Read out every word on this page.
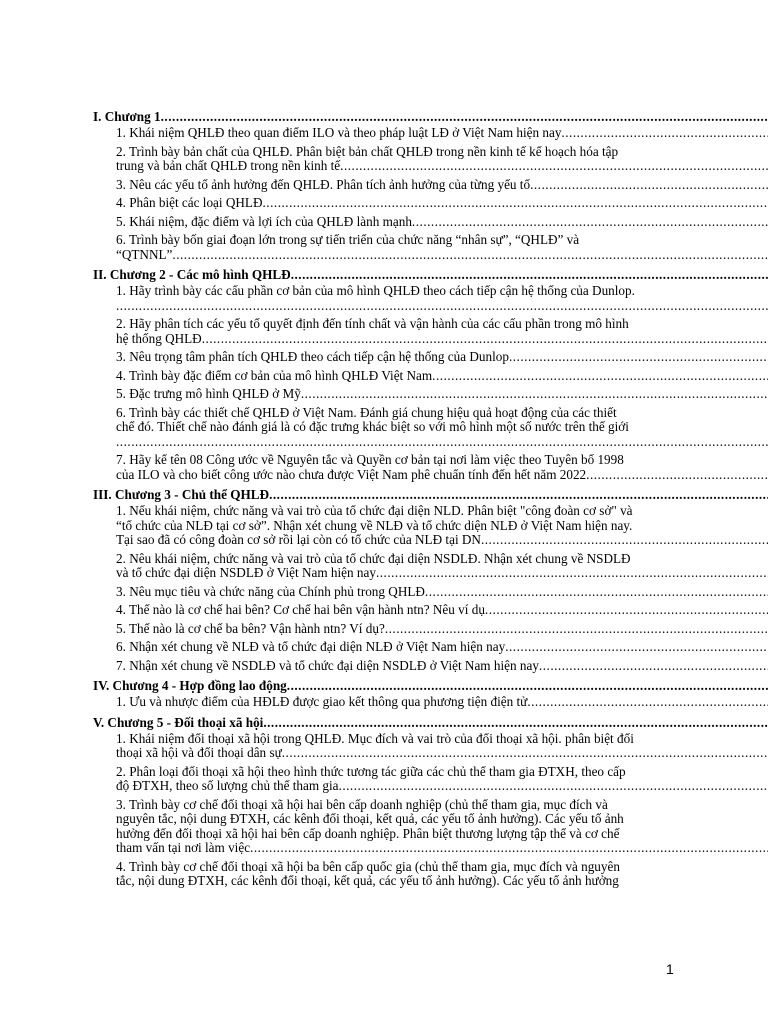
I. Chương 1
.....
1. Khái niệm QHLĐ theo quan điểm ILO và theo pháp luật LĐ ở Việt Nam hiện nay
.....
2. Trình bày bản chất của QHLĐ. Phân biệt bản chất QHLĐ trong nền kinh tế kế hoạch hóa tập
trung và bản chất QHLĐ trong nền kinh tế
.....
3. Nêu các yếu tố ảnh hưởng đến QHLĐ. Phân tích ảnh hưởng của từng yếu tố
.....
4. Phân biệt các loại QHLĐ
.....
5. Khái niệm, đặc điểm và lợi ích của QHLĐ lành mạnh
.....
6. Trình bày bốn giai đoạn lớn trong sự tiến triển của chức năng “nhân sự”, “QHLĐ” và
“QTNNL”
.....
II. Chương 2 - Các mô hình QHLĐ
.....
1. Hãy trình bày các cấu phần cơ bản của mô hình QHLĐ theo cách tiếp cận hệ thống của Dunlop.
.....
2. Hãy phân tích các yếu tố quyết định đến tính chất và vận hành của các cấu phần trong mô hình
hệ thống QHLĐ
.....
3. Nêu trọng tâm phân tích QHLĐ theo cách tiếp cận hệ thống của Dunlop
.....
4. Trình bày đặc điểm cơ bản của mô hình QHLĐ Việt Nam
.....
5. Đặc trưng mô hình QHLĐ ở Mỹ
.....
6. Trình bày các thiết chế QHLĐ ở Việt Nam. Đánh giá chung hiệu quả hoạt động của các thiết
chế đó. Thiết chế nào đánh giá là có đặc trưng khác biệt so với mô hình một số nước trên thế giới
.....
7. Hãy kể tên 08 Công ước về Nguyên tắc và Quyền cơ bản tại nơi làm việc theo Tuyên bố 1998
của ILO và cho biết công ước nào chưa được Việt Nam phê chuẩn tính đến hết năm 2022
.....
III. Chương 3 - Chủ thể QHLĐ
.....
1. Nếu khái niệm, chức năng và vai trò của tổ chức đại diện NLD. Phân biệt "công đoàn cơ sở" và
“tổ chức của NLĐ tại cơ sở”. Nhận xét chung về NLĐ và tổ chức diện NLĐ ở Việt Nam hiện nay.
Tại sao đã có công đoàn cơ sở rồi lại còn có tổ chức của NLĐ tại DN
.....
2. Nêu khái niệm, chức năng và vai trò của tổ chức đại diện NSDLĐ. Nhận xét chung về NSDLĐ
và tổ chức đại diện NSDLĐ ở Việt Nam hiện nay
.....
3. Nêu mục tiêu và chức năng của Chính phủ trong QHLĐ
.....
4. Thế nào là cơ chế hai bên? Cơ chế hai bên vận hành ntn? Nêu ví dụ
.....
5. Thế nào là cơ chế ba bên? Vận hành ntn? Ví dụ?
.....
6. Nhận xét chung về NLĐ và tổ chức đại diện NLĐ ở Việt Nam hiện nay
.....
7. Nhận xét chung về NSDLĐ và tổ chức đại diện NSDLĐ ở Việt Nam hiện nay
.....
IV. Chương 4 - Hợp đồng lao động
.....
1. Ưu và nhược điểm của HĐLĐ được giao kết thông qua phương tiện điện tử
.....
V. Chương 5 - Đối thoại xã hội
.....
1. Khái niệm đối thoại xã hội trong QHLĐ. Mục đích và vai trò của đối thoại xã hội. phân biệt đối
thoại xã hội và đối thoại dân sự
.....
2. Phân loại đối thoại xã hội theo hình thức tương tác giữa các chủ thể tham gia ĐTXH, theo cấp
độ ĐTXH, theo số lượng chủ thể tham gia
.....
3. Trình bày cơ chế đối thoại xã hội hai bên cấp doanh nghiệp (chủ thể tham gia, mục đích và
nguyên tắc, nội dung ĐTXH, các kênh đối thoại, kết quả, các yếu tố ảnh hưởng). Các yếu tố ảnh
hưởng đến đối thoại xã hội hai bên cấp doanh nghiệp. Phân biệt thương lượng tập thể và cơ chế
tham vấn tại nơi làm việc
.....
4. Trình bày cơ chế đối thoại xã hội ba bên cấp quốc gia (chủ thể tham gia, mục đích và nguyên
tắc, nội dung ĐTXH, các kênh đối thoại, kết quả, các yếu tố ảnh hưởng). Các yếu tố ảnh hưởng
1
